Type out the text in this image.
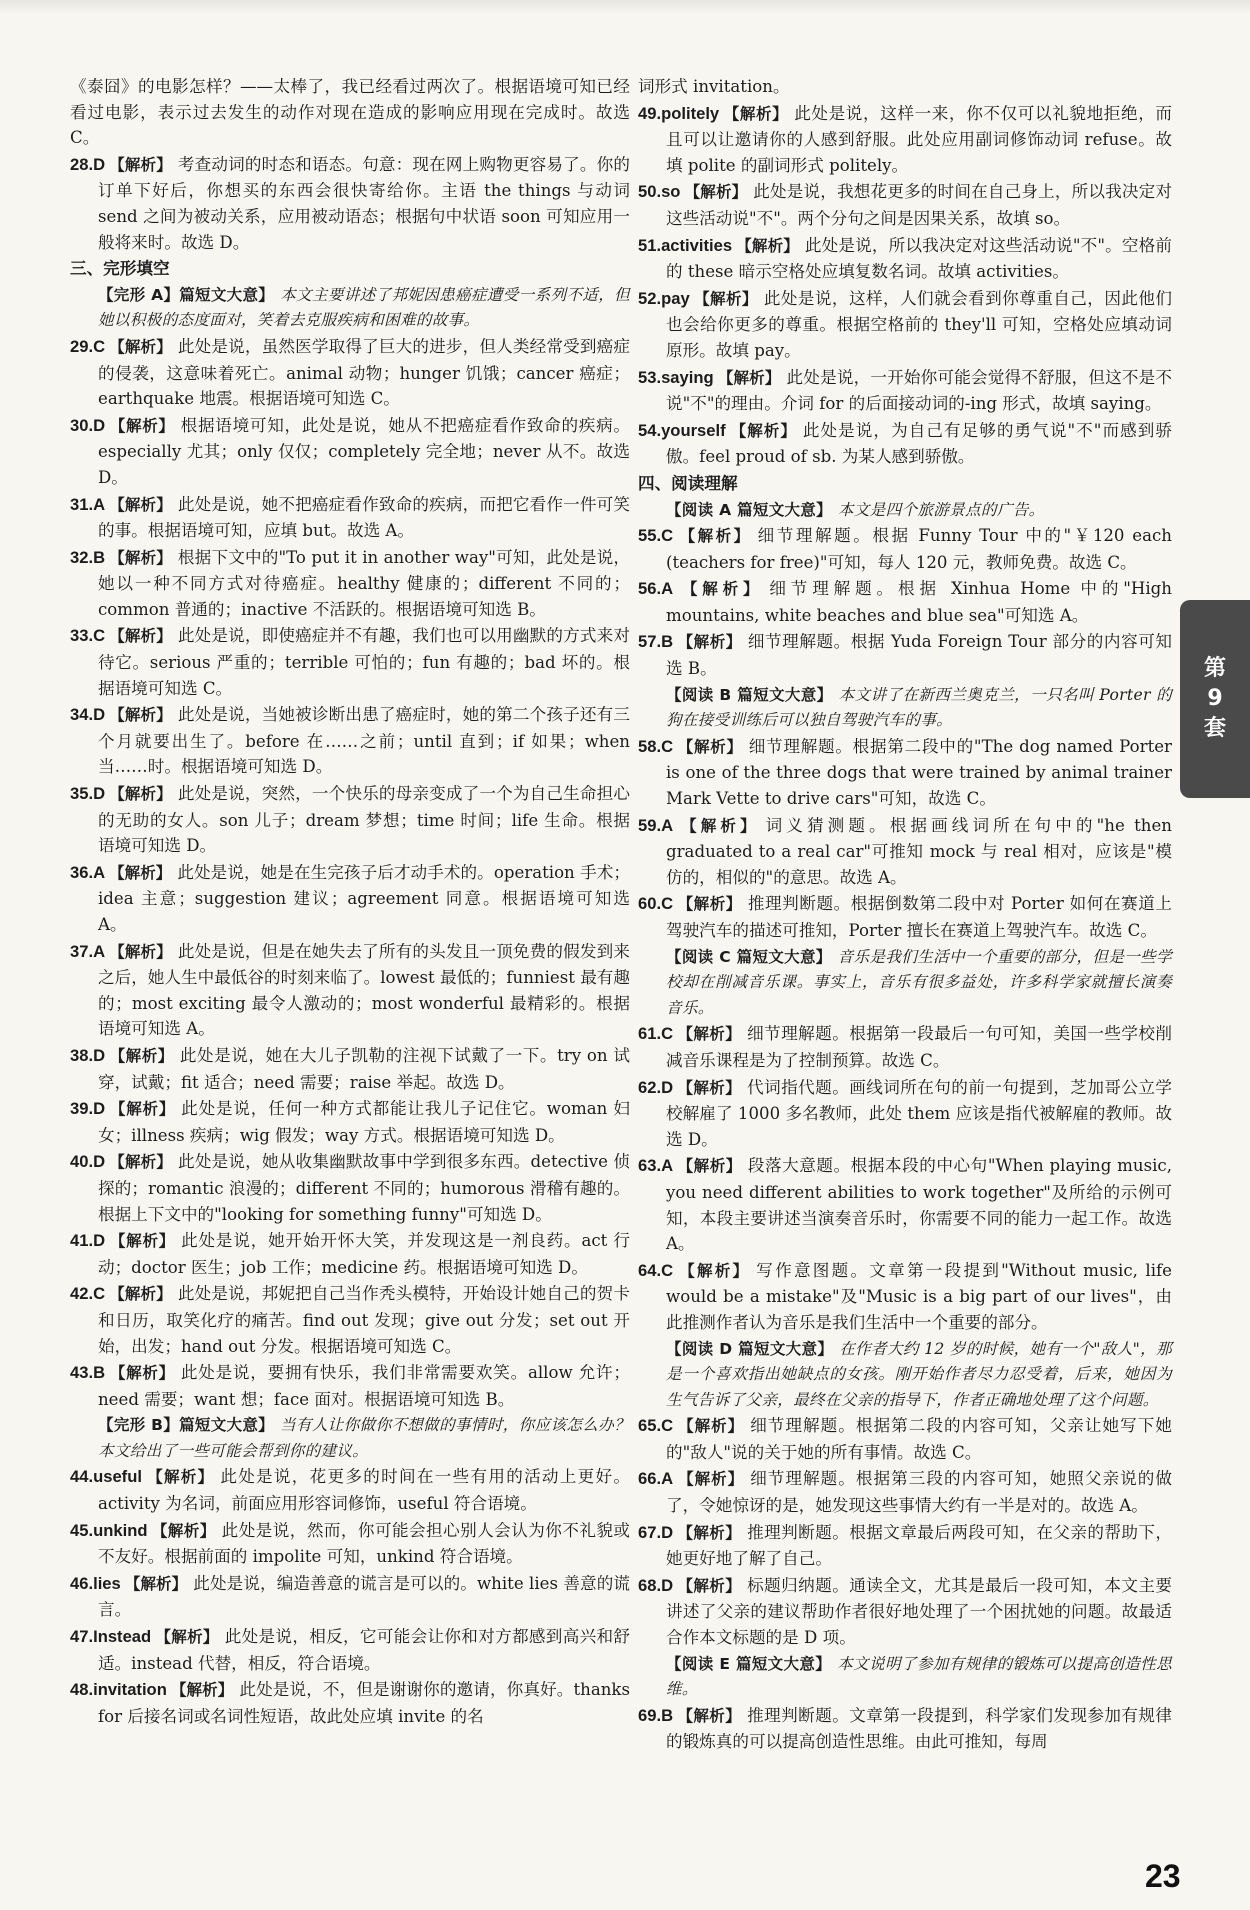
《泰囧》的电影怎样？——太棒了，我已经看过两次了。根据语境可知已经看过电影，表示过去发生的动作对现在造成的影响应用现在完成时。故选 C。
28.D 【解析】 考查动词的时态和语态。句意：现在网上购物更容易了。你的订单下好后，你想买的东西会很快寄给你。主语 the things 与动词 send 之间为被动关系，应用被动语态；根据句中状语 soon 可知应用一般将来时。故选 D。
三、完形填空
【完形 A】篇短文大意】 本文主要讲述了邦妮因患癌症遭受一系列不适，但她以积极的态度面对，笑着去克服疾病和困难的故事。
29.C 【解析】 此处是说，虽然医学取得了巨大的进步，但人类经常受到癌症的侵袭，这意味着死亡。animal 动物；hunger 饥饿；cancer 癌症；earthquake 地震。根据语境可知选 C。
30.D 【解析】 根据语境可知，此处是说，她从不把癌症看作致命的疾病。especially 尤其；only 仅仅；completely 完全地；never 从不。故选 D。
31.A 【解析】 此处是说，她不把癌症看作致命的疾病，而把它看作一件可笑的事。根据语境可知，应填 but。故选 A。
32.B 【解析】 根据下文中的"To put it in another way"可知，此处是说，她以一种不同方式对待癌症。healthy 健康的；different 不同的；common 普通的；inactive 不活跃的。根据语境可知选 B。
33.C 【解析】 此处是说，即使癌症并不有趣，我们也可以用幽默的方式来对待它。serious 严重的；terrible 可怕的；fun 有趣的；bad 坏的。根据语境可知选 C。
34.D 【解析】 此处是说，当她被诊断出患了癌症时，她的第二个孩子还有三个月就要出生了。before 在……之前；until 直到；if 如果；when 当……时。根据语境可知选 D。
35.D 【解析】 此处是说，突然，一个快乐的母亲变成了一个为自己生命担心的无助的女人。son 儿子；dream 梦想；time 时间；life 生命。根据语境可知选 D。
36.A 【解析】 此处是说，她是在生完孩子后才动手术的。operation 手术；idea 主意；suggestion 建议；agreement 同意。根据语境可知选 A。
37.A 【解析】 此处是说，但是在她失去了所有的头发且一顶免费的假发到来之后，她人生中最低谷的时刻来临了。lowest 最低的；funniest 最有趣的；most exciting 最令人激动的；most wonderful 最精彩的。根据语境可知选 A。
38.D 【解析】 此处是说，她在大儿子凯勒的注视下试戴了一下。try on 试穿，试戴；fit 适合；need 需要；raise 举起。故选 D。
39.D 【解析】 此处是说，任何一种方式都能让我儿子记住它。woman 妇女；illness 疾病；wig 假发；way 方式。根据语境可知选 D。
40.D 【解析】 此处是说，她从收集幽默故事中学到很多东西。detective 侦探的；romantic 浪漫的；different 不同的；humorous 滑稽有趣的。根据上下文中的"looking for something funny"可知选 D。
41.D 【解析】 此处是说，她开始开怀大笑，并发现这是一剂良药。act 行动；doctor 医生；job 工作；medicine 药。根据语境可知选 D。
42.C 【解析】 此处是说，邦妮把自己当作秃头模特，开始设计她自己的贺卡和日历，取笑化疗的痛苦。find out 发现；give out 分发；set out 开始，出发；hand out 分发。根据语境可知选 C。
43.B 【解析】 此处是说，要拥有快乐，我们非常需要欢笑。allow 允许；need 需要；want 想；face 面对。根据语境可知选 B。
【完形 B】篇短文大意】 当有人让你做你不想做的事情时，你应该怎么办？本文给出了一些可能会帮到你的建议。
44.useful 【解析】 此处是说，花更多的时间在一些有用的活动上更好。activity 为名词，前面应用形容词修饰，useful 符合语境。
45.unkind 【解析】 此处是说，然而，你可能会担心别人会认为你不礼貌或不友好。根据前面的 impolite 可知，unkind 符合语境。
46.lies 【解析】 此处是说，编造善意的谎言是可以的。white lies 善意的谎言。
47.Instead 【解析】 此处是说，相反，它可能会让你和对方都感到高兴和舒适。instead 代替，相反，符合语境。
48.invitation 【解析】 此处是说，不，但是谢谢你的邀请，你真好。thanks for 后接名词或名词性短语，故此处应填 invite 的名
词形式 invitation。
49.politely 【解析】 此处是说，这样一来，你不仅可以礼貌地拒绝，而且可以让邀请你的人感到舒服。此处应用副词修饰动词 refuse。故填 polite 的副词形式 politely。
50.so 【解析】 此处是说，我想花更多的时间在自己身上，所以我决定对这些活动说"不"。两个分句之间是因果关系，故填 so。
51.activities 【解析】 此处是说，所以我决定对这些活动说"不"。空格前的 these 暗示空格处应填复数名词。故填 activities。
52.pay 【解析】 此处是说，这样，人们就会看到你尊重自己，因此他们也会给你更多的尊重。根据空格前的 they'll 可知，空格处应填动词原形。故填 pay。
53.saying 【解析】 此处是说，一开始你可能会觉得不舒服，但这不是不说"不"的理由。介词 for 的后面接动词的-ing 形式，故填 saying。
54.yourself 【解析】 此处是说，为自己有足够的勇气说"不"而感到骄傲。feel proud of sb. 为某人感到骄傲。
四、阅读理解
【阅读 A 篇短文大意】 本文是四个旅游景点的广告。
55.C 【解析】 细节理解题。根据 Funny Tour 中的"￥120 each (teachers for free)"可知，每人 120 元，教师免费。故选 C。
56.A 【解析】 细节理解题。根据 Xinhua Home 中的"High mountains, white beaches and blue sea"可知选 A。
57.B 【解析】 细节理解题。根据 Yuda Foreign Tour 部分的内容可知选 B。
【阅读 B 篇短文大意】 本文讲了在新西兰奥克兰，一只名叫 Porter 的狗在接受训练后可以独自驾驶汽车的事。
58.C 【解析】 细节理解题。根据第二段中的"The dog named Porter is one of the three dogs that were trained by animal trainer Mark Vette to drive cars"可知，故选 C。
59.A 【解析】 词义猜测题。根据画线词所在句中的"he then graduated to a real car"可推知 mock 与 real 相对，应该是"模仿的，相似的"的意思。故选 A。
60.C 【解析】 推理判断题。根据倒数第二段中对 Porter 如何在赛道上驾驶汽车的描述可推知，Porter 擅长在赛道上驾驶汽车。故选 C。
【阅读 C 篇短文大意】 音乐是我们生活中一个重要的部分，但是一些学校却在削减音乐课。事实上，音乐有很多益处，许多科学家就擅长演奏音乐。
61.C 【解析】 细节理解题。根据第一段最后一句可知，美国一些学校削减音乐课程是为了控制预算。故选 C。
62.D 【解析】 代词指代题。画线词所在句的前一句提到，芝加哥公立学校解雇了 1000 多名教师，此处 them 应该是指代被解雇的教师。故选 D。
63.A 【解析】 段落大意题。根据本段的中心句"When playing music, you need different abilities to work together"及所给的示例可知，本段主要讲述当演奏音乐时，你需要不同的能力一起工作。故选 A。
64.C 【解析】 写作意图题。文章第一段提到"Without music, life would be a mistake"及"Music is a big part of our lives"，由此推测作者认为音乐是我们生活中一个重要的部分。
【阅读 D 篇短文大意】 在作者大约 12 岁的时候，她有一个"敌人"，那是一个喜欢指出她缺点的女孩。刚开始作者尽力忍受着，后来，她因为生气告诉了父亲，最终在父亲的指导下，作者正确地处理了这个问题。
65.C 【解析】 细节理解题。根据第二段的内容可知，父亲让她写下她的"敌人"说的关于她的所有事情。故选 C。
66.A 【解析】 细节理解题。根据第三段的内容可知，她照父亲说的做了，令她惊讶的是，她发现这些事情大约有一半是对的。故选 A。
67.D 【解析】 推理判断题。根据文章最后两段可知，在父亲的帮助下，她更好地了解了自己。
68.D 【解析】 标题归纳题。通读全文，尤其是最后一段可知，本文主要讲述了父亲的建议帮助作者很好地处理了一个困扰她的问题。故最适合作本文标题的是 D 项。
【阅读 E 篇短文大意】 本文说明了参加有规律的锻炼可以提高创造性思维。
69.B 【解析】 推理判断题。文章第一段提到，科学家们发现参加有规律的锻炼真的可以提高创造性思维。由此可推知，每周
第
9
套
23
